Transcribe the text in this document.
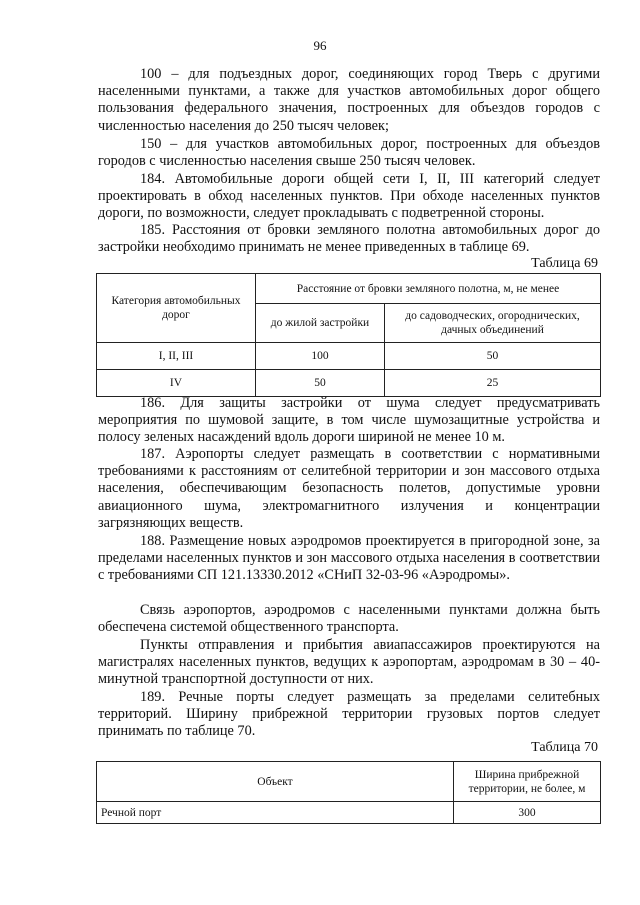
96
100 – для подъездных дорог, соединяющих город Тверь с другими населенными пунктами, а также для участков автомобильных дорог общего пользования федерального значения, построенных для объездов городов с численностью населения до 250 тысяч человек;
150 – для участков автомобильных дорог, построенных для объездов городов с численностью населения свыше 250 тысяч человек.
184. Автомобильные дороги общей сети I, II, III категорий следует проектировать в обход населенных пунктов. При обходе населенных пунктов дороги, по возможности, следует прокладывать с подветренной стороны.
185. Расстояния от бровки земляного полотна автомобильных дорог до застройки необходимо принимать не менее приведенных в таблице 69.
Таблица 69
Категория автомобильных дорог	Расстояние от бровки земляного полотна, м, не менее	
	до жилой застройки	до садоводческих, огороднических, дачных объединений
I, II, III	100	50
IV	50	25
186. Для защиты застройки от шума следует предусматривать мероприятия по шумовой защите, в том числе шумозащитные устройства и полосу зеленых насаждений вдоль дороги шириной не менее 10 м.
187. Аэропорты следует размещать в соответствии с нормативными требованиями к расстояниям от селитебной территории и зон массового отдыха населения, обеспечивающим безопасность полетов, допустимые уровни авиационного шума, электромагнитного излучения и концентрации загрязняющих веществ.
188. Размещение новых аэродромов проектируется в пригородной зоне, за пределами населенных пунктов и зон массового отдыха населения в соответствии с требованиями СП 121.13330.2012 «СНиП 32-03-96 «Аэродромы».
Связь аэропортов, аэродромов с населенными пунктами должна быть обеспечена системой общественного транспорта.
Пункты отправления и прибытия авиапассажиров проектируются на магистралях населенных пунктов, ведущих к аэропортам, аэродромам в 30 – 40-минутной транспортной доступности от них.
189. Речные порты следует размещать за пределами селитебных территорий. Ширину прибрежной территории грузовых портов следует принимать по таблице 70.
Таблица 70
Объект	Ширина прибрежной территории, не более, м
Речной порт	300
